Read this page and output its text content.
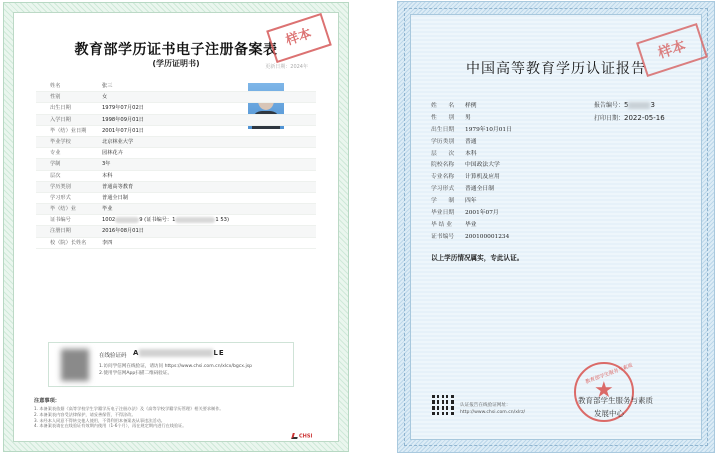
教育部学历证书电子注册备案表
(学历证明书)	更新日期：2024年
样本
姓名	张三
性别	女
出生日期	1979年07月02日
入学日期	1998年09月01日
毕（结）业日期	2001年07月01日
毕业学校	北京林业大学
专业	园林花卉
学制	3年
层次	本科
学历类别	普通高等教育
学习形式	普通全日制
毕（结）业	毕业
证书编号	1002	9 (证书编号：1	1 53)
注册日期	2016年08月01日
校（院）长姓名	李四
在线验证码 A	LE
1.访问学信网在线验证，请访问 https://www.chsi.com.cn/xlcx/bgcx.jsp
2.使用学信网App扫描二维码验证。
注意事项：
1. 本备案表依据《高等学校学生学籍学历电子注册办法》及《高等学校学籍学历管理》相关要求制作。
2. 本备案表内容受法律保护，请妥善保管，不得涂改。
3. 未经本人同意不得转交他人使用，不得利用本备案表从事违法活动。
4. 本备案表请在在线验证有效期内使用（1-6个月），再在规定期内进行在线验证。
CHSI
中国高等教育学历认证报告
样本
姓　　名 样例
性　　别 男
出生日期 1979年10月01日
学历类别 普通
层　　次 本科
院校名称 中国政法大学
专业名称 计算机及应用
学习形式 普通全日制
学　　制 四年
毕业日期 2001年07月
毕 结 业 毕业
证书编号 200100001234
报告编号：5	3
打印日期：2022-05-16
以上学历情况属实，专此认证。
认证报告在线验证网址：
http://www.chsi.com.cn/xlrz/
★
教育部学生服务与素质
教育部学生服务与素质
发展中心
